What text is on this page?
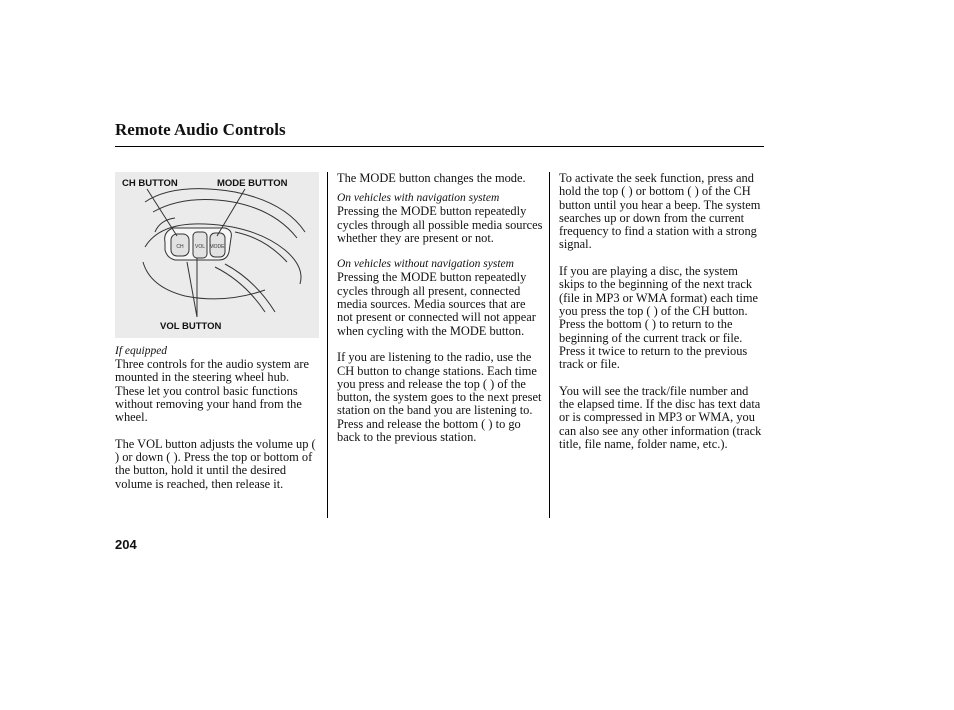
Remote Audio Controls
CH VOL MODE
CH BUTTON	MODE BUTTON
VOL BUTTON
If equipped

Three controls for the audio system are mounted in the steering wheel hub. These let you control basic functions without removing your hand from the wheel.

The VOL button adjusts the volume up ( ) or down ( ). Press the top or bottom of the button, hold it until the desired volume is reached, then release it.

The MODE button changes the mode.

On vehicles with navigation system

Pressing the MODE button repeatedly cycles through all possible media sources whether they are present or not.

On vehicles without navigation system

Pressing the MODE button repeatedly cycles through all present, connected media sources. Media sources that are not present or connected will not appear when cycling with the MODE button.

If you are listening to the radio, use the CH button to change stations. Each time you press and release the top ( ) of the button, the system goes to the next preset station on the band you are listening to. Press and release the bottom ( ) to go back to the previous station.

To activate the seek function, press and hold the top ( ) or bottom ( ) of the CH button until you hear a beep. The system searches up or down from the current frequency to find a station with a strong signal.

If you are playing a disc, the system skips to the beginning of the next track (file in MP3 or WMA format) each time you press the top ( ) of the CH button. Press the bottom ( ) to return to the beginning of the current track or file. Press it twice to return to the previous track or file.

You will see the track/file number and the elapsed time. If the disc has text data or is compressed in MP3 or WMA, you can also see any other information (track title, file name, folder name, etc.).

204
